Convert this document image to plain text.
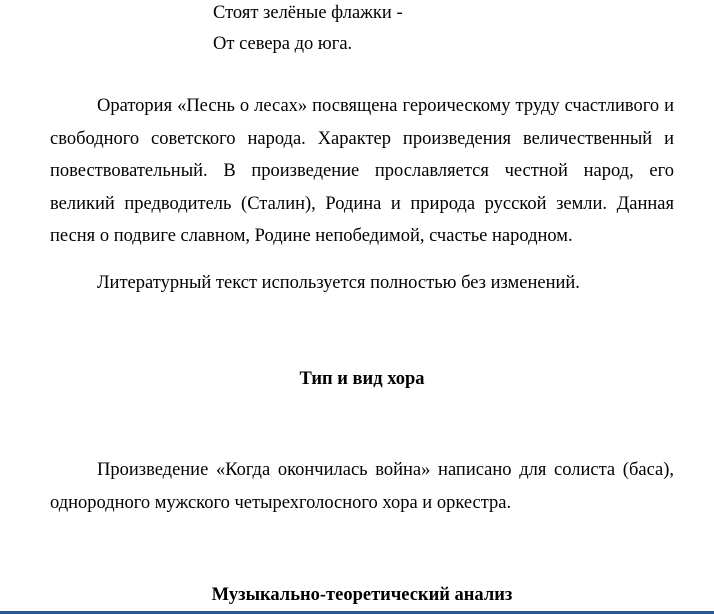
Стоят зелёные флажки -
От севера до юга.

Оратория «Песнь о лесах» посвящена героическому труду счастливого и свободного советского народа. Характер произведения величественный и повествовательный. В произведение прославляется честной народ, его великий предводитель (Сталин), Родина и природа русской земли. Данная песня о подвиге славном, Родине непобедимой, счастье народном.

Литературный текст используется полностью без изменений.

Тип и вид хора

Произведение «Когда окончилась война» написано для солиста (баса), однородного мужского четырехголосного хора и оркестра.

Музыкально-теоретический анализ
